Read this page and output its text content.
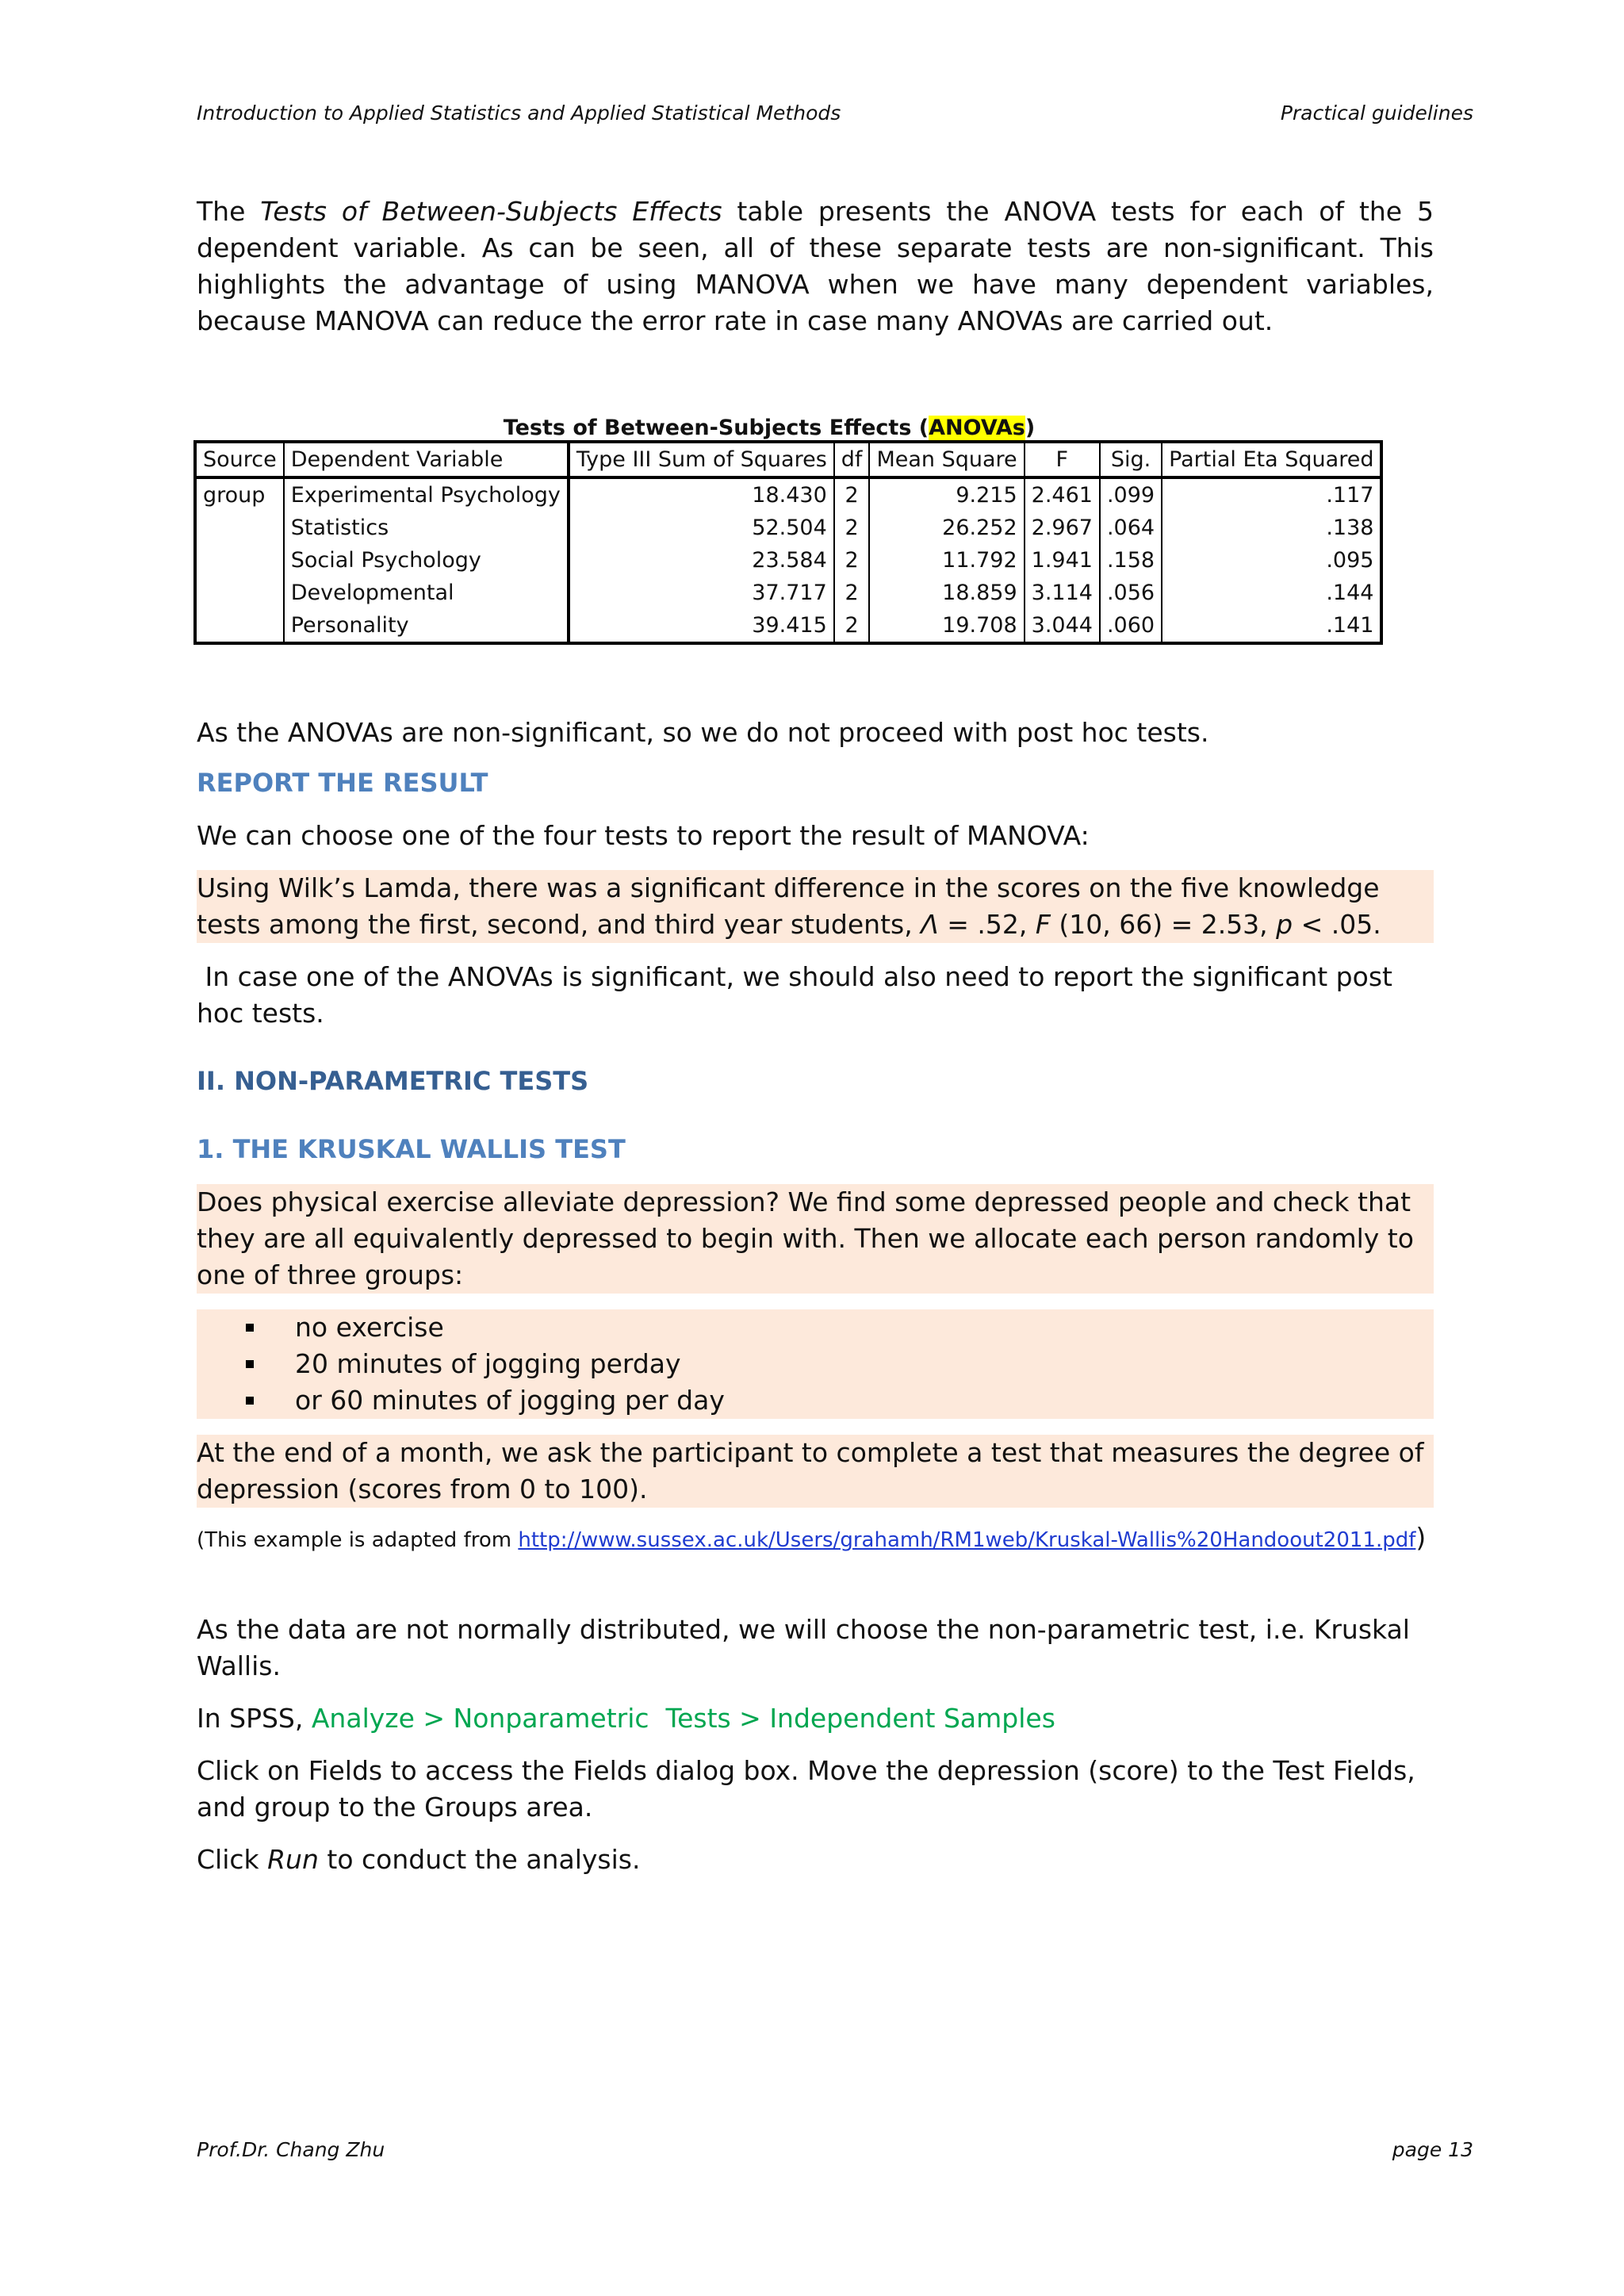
Introduction to Applied Statistics and Applied Statistical Methods	Practical guidelines

The Tests of Between-Subjects Effects table presents the ANOVA tests for each of the 5 dependent variable. As can be seen, all of these separate tests are non-significant. This highlights the advantage of using MANOVA when we have many dependent variables, because MANOVA can reduce the error rate in case many ANOVAs are carried out.

Tests of Between-Subjects Effects (ANOVAs)
Source	Dependent Variable	Type III Sum of Squares	df	Mean Square	F	Sig.	Partial Eta Squared
group	Experimental Psychology	18.430	2	9.215	2.461	.099	.117
	Statistics	52.504	2	26.252	2.967	.064	.138
	Social Psychology	23.584	2	11.792	1.941	.158	.095
	Developmental	37.717	2	18.859	3.114	.056	.144
	Personality	39.415	2	19.708	3.044	.060	.141

As the ANOVAs are non-significant, so we do not proceed with post hoc tests.

REPORT THE RESULT

We can choose one of the four tests to report the result of MANOVA:

Using Wilk’s Lamda, there was a significant difference in the scores on the five knowledge tests among the first, second, and third year students, Λ = .52, F (10, 66) = 2.53, p < .05.

In case one of the ANOVAs is significant, we should also need to report the significant post hoc tests.

II. NON-PARAMETRIC TESTS

1. THE KRUSKAL WALLIS TEST

Does physical exercise alleviate depression? We find some depressed people and check that they are all equivalently depressed to begin with. Then we allocate each person randomly to one of three groups:

no exercise
20 minutes of jogging perday
or 60 minutes of jogging per day

At the end of a month, we ask the participant to complete a test that measures the degree of depression (scores from 0 to 100).

(This example is adapted from http://www.sussex.ac.uk/Users/grahamh/RM1web/Kruskal-Wallis%20Handoout2011.pdf)

As the data are not normally distributed, we will choose the non-parametric test, i.e. Kruskal Wallis.

In SPSS, Analyze > Nonparametric  Tests > Independent Samples

Click on Fields to access the Fields dialog box. Move the depression (score) to the Test Fields, and group to the Groups area.

Click Run to conduct the analysis.

Prof.Dr. Chang Zhu	page 13
